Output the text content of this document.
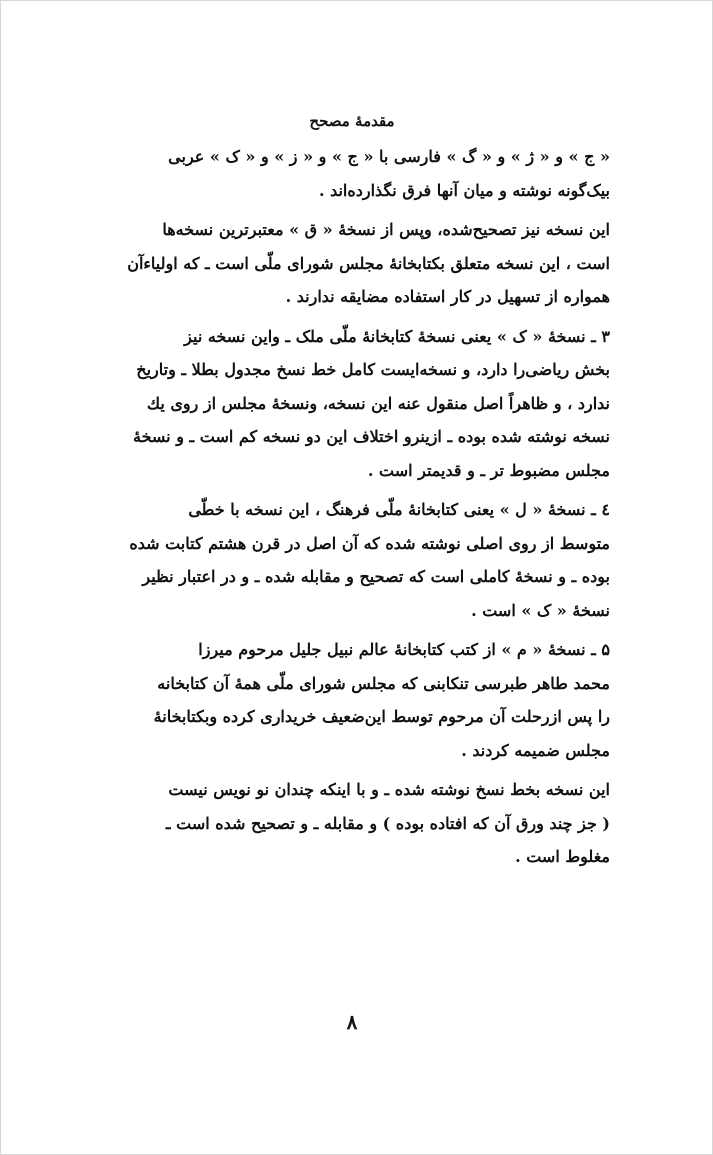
مقدمهٔ مصحح

« ج » و « ژ » و « گ » فارسی با « ج » و « ز » و « ک » عربی
بیک‌گونه نوشته و میان آنها فرق نگذارده‌اند .

این نسخه نیز تصحیح‌شده، وپس از نسخهٔ « ق » معتبرترین نسخه‌ها
است ، این نسخه متعلق بکتابخانهٔ مجلس شورای ملّی است ـ که اولیاءآن
همواره از تسهیل در کار استفاده مضایقه ندارند .

۳ ـ نسخهٔ « ک » یعنی نسخهٔ کتابخانهٔ ملّی ملک ـ واین نسخه نیز
بخش ریاضی‌را دارد، و نسخه‌ایست کامل خط نسخ مجدول بطلا ـ وتاریخ
ندارد ، و ظاهراً اصل منقول عنه این نسخه، ونسخهٔ مجلس از روی یك
نسخه نوشته شده بوده ـ ازینرو اختلاف این دو نسخه کم است ـ و نسخهٔ
مجلس مضبوط تر ـ و قدیمتر است .

٤ ـ نسخهٔ « ل » یعنی کتابخانهٔ ملّی فرهنگ ، این نسخه با خطّی
متوسط از روی اصلی نوشته شده که آن اصل در قرن هشتم کتابت شده
بوده ـ و نسخهٔ کاملی است که تصحیح و مقابله شده ـ و در اعتبار نظیر
نسخهٔ « ک » است .

۵ ـ نسخهٔ « م » از کتب کتابخانهٔ عالم نبیل جلیل مرحوم میرزا
محمد طاهر طبرسی تنکابنی که مجلس شورای ملّی همهٔ آن کتابخانه
را پس ازرحلت آن مرحوم توسط این‌ضعیف خریداری کرده وبکتابخانهٔ
مجلس ضمیمه کردند .

این نسخه بخط نسخ نوشته شده ـ و با اینکه چندان نو نویس نیست
( جز چند ورق آن که افتاده بوده ) و مقابله ـ و تصحیح شده است ـ
مغلوط است .

۸
